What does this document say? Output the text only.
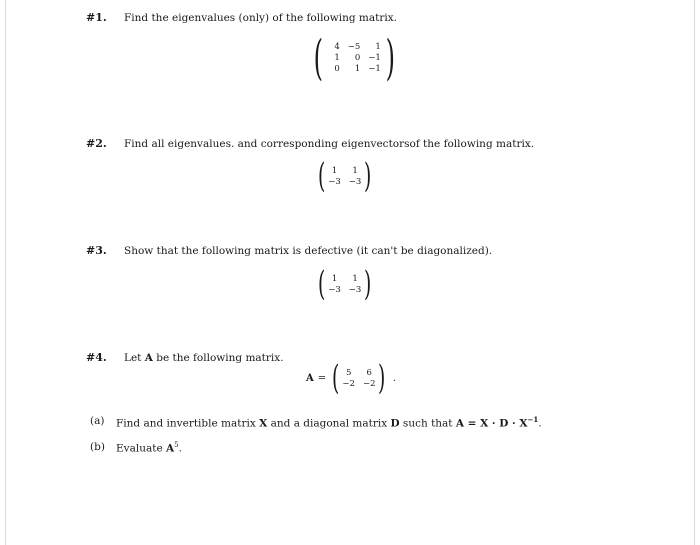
#1. Find the eigenvalues (only) of the following matrix.
(	4 −5	1
1	0 −1
0	1 −1 )
#2. Find all eigenvalues. and corresponding eigenvectorsof the following matrix.
( 1	1
−3 −3 )
#3. Show that the following matrix is defective (it can't be diagonalized).
( 1	1
−3 −3 )
#4. Let A be the following matrix.
A = ( 5	6
−2 −2 ) .
(a) Find and invertible matrix X and a diagonal matrix D such that $A = X \cdot D \cdot X^{-1}$.
(b) Evaluate $A^5$.
